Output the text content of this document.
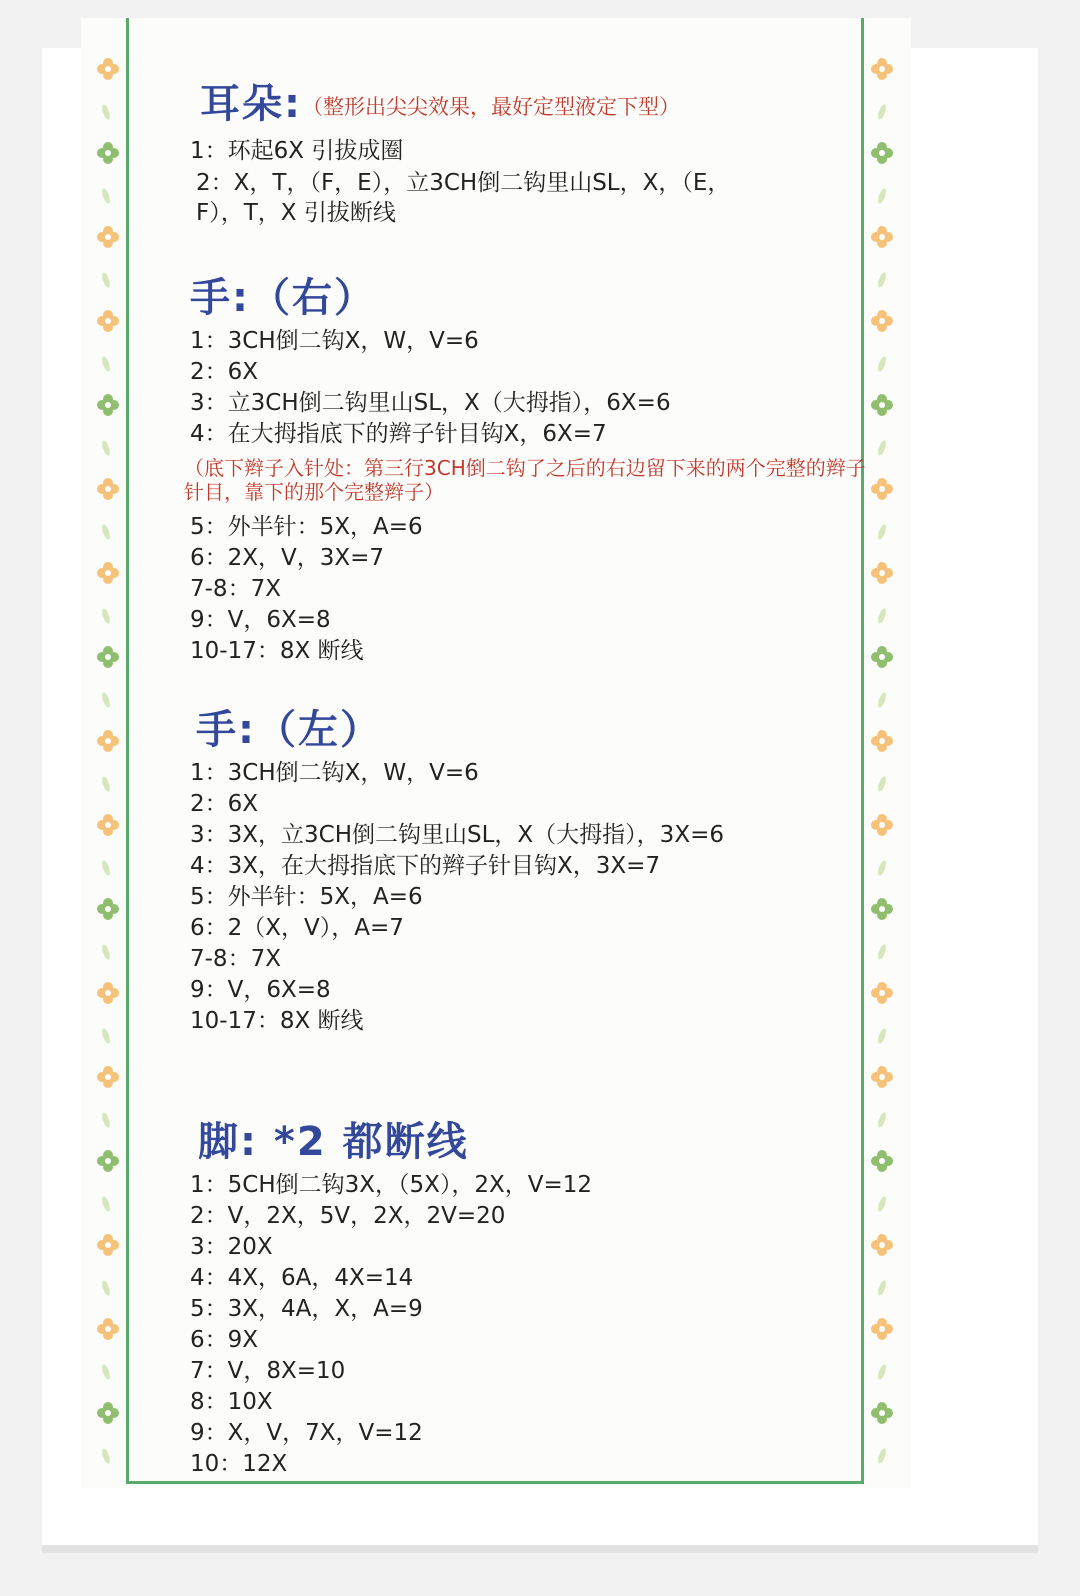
耳朵:（整形出尖尖效果，最好定型液定下型）
1：环起6X 引拔成圈
2：X，T，（F，E），立3CH倒二钩里山SL，X，（E，
F），T，X 引拔断线
手:（右）
1：3CH倒二钩X，W，V=6
2：6X
3：立3CH倒二钩里山SL，X（大拇指），6X=6
4：在大拇指底下的辫子针目钩X，6X=7
（底下辫子入针处：第三行3CH倒二钩了之后的右边留下来的两个完整的辫子针目，靠下的那个完整辫子）
5：外半针：5X，A=6
6：2X，V，3X=7
7-8：7X
9：V，6X=8
10-17：8X 断线
手:（左）
1：3CH倒二钩X，W，V=6
2：6X
3：3X，立3CH倒二钩里山SL，X（大拇指），3X=6
4：3X，在大拇指底下的辫子针目钩X，3X=7
5：外半针：5X，A=6
6：2（X，V），A=7
7-8：7X
9：V，6X=8
10-17：8X 断线
脚: *2 都断线
1：5CH倒二钩3X，（5X），2X，V=12
2：V，2X，5V，2X，2V=20
3：20X
4：4X，6A，4X=14
5：3X，4A，X，A=9
6：9X
7：V，8X=10
8：10X
9：X，V，7X，V=12
10：12X
